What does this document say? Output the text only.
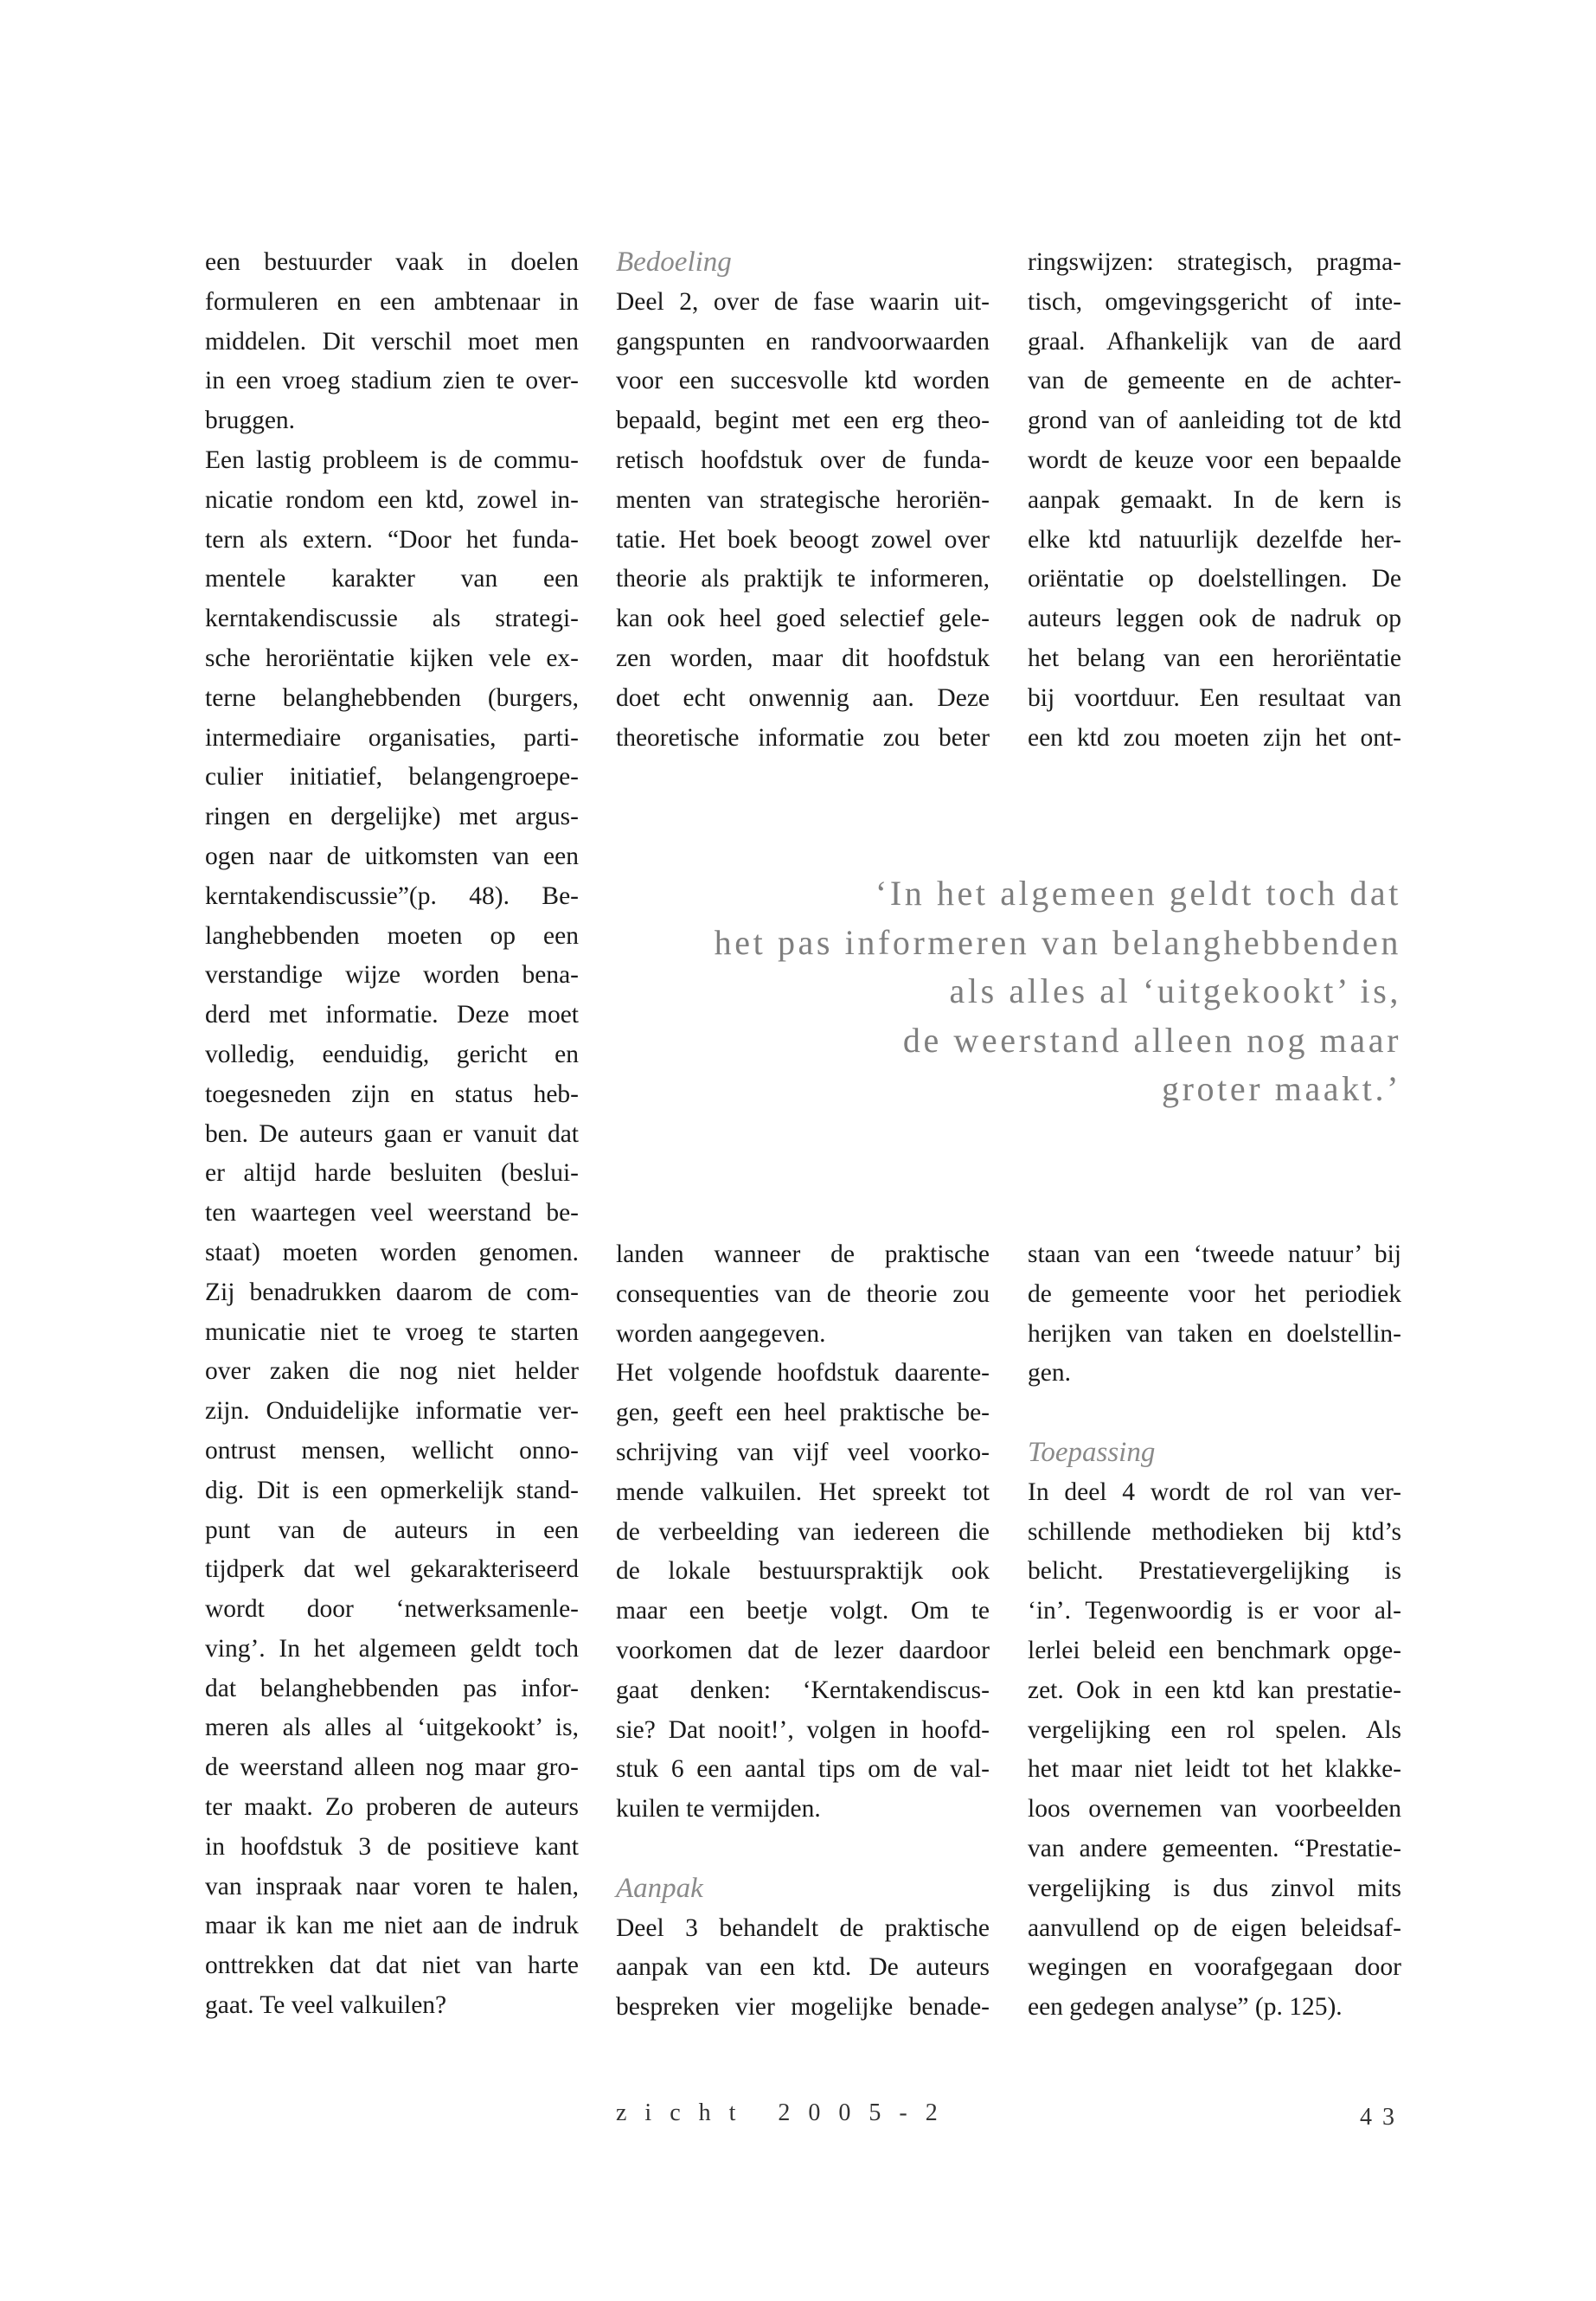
een bestuurder vaak in doelen
formuleren en een ambtenaar in
middelen. Dit verschil moet men
in een vroeg stadium zien te over-
bruggen.
Een lastig probleem is de commu-
nicatie rondom een ktd, zowel in-
tern als extern. “Door het funda-
mentele karakter van een
kerntakendiscussie als strategi-
sche heroriëntatie kijken vele ex-
terne belanghebbenden (burgers,
intermediaire organisaties, parti-
culier initiatief, belangengroepe-
ringen en dergelijke) met argus-
ogen naar de uitkomsten van een
kerntakendiscussie”(p. 48). Be-
langhebbenden moeten op een
verstandige wijze worden bena-
derd met informatie. Deze moet
volledig, eenduidig, gericht en
toegesneden zijn en status heb-
ben. De auteurs gaan er vanuit dat
er altijd harde besluiten (beslui-
ten waartegen veel weerstand be-
staat) moeten worden genomen.
Zij benadrukken daarom de com-
municatie niet te vroeg te starten
over zaken die nog niet helder
zijn. Onduidelijke informatie ver-
ontrust mensen, wellicht onno-
dig. Dit is een opmerkelijk stand-
punt van de auteurs in een
tijdperk dat wel gekarakteriseerd
wordt door ‘netwerksamenle-
ving’. In het algemeen geldt toch
dat belanghebbenden pas infor-
meren als alles al ‘uitgekookt’ is,
de weerstand alleen nog maar gro-
ter maakt. Zo proberen de auteurs
in hoofdstuk 3 de positieve kant
van inspraak naar voren te halen,
maar ik kan me niet aan de indruk
onttrekken dat dat niet van harte
gaat. Te veel valkuilen?
Bedoeling
Deel 2, over de fase waarin uit-
gangspunten en randvoorwaarden
voor een succesvolle ktd worden
bepaald, begint met een erg theo-
retisch hoofdstuk over de funda-
menten van strategische heroriën-
tatie. Het boek beoogt zowel over
theorie als praktijk te informeren,
kan ook heel goed selectief gele-
zen worden, maar dit hoofdstuk
doet echt onwennig aan. Deze
theoretische informatie zou beter
ringswijzen: strategisch, pragma-
tisch, omgevingsgericht of inte-
graal. Afhankelijk van de aard
van de gemeente en de achter-
grond van of aanleiding tot de ktd
wordt de keuze voor een bepaalde
aanpak gemaakt. In de kern is
elke ktd natuurlijk dezelfde her-
oriëntatie op doelstellingen. De
auteurs leggen ook de nadruk op
het belang van een heroriëntatie
bij voortduur. Een resultaat van
een ktd zou moeten zijn het ont-
‘In het algemeen geldt toch dat
het pas informeren van belanghebbenden
als alles al ‘uitgekookt’ is,
de weerstand alleen nog maar
groter maakt.’
landen wanneer de praktische
consequenties van de theorie zou
worden aangegeven.
Het volgende hoofdstuk daarente-
gen, geeft een heel praktische be-
schrijving van vijf veel voorko-
mende valkuilen. Het spreekt tot
de verbeelding van iedereen die
de lokale bestuurspraktijk ook
maar een beetje volgt. Om te
voorkomen dat de lezer daardoor
gaat denken: ‘Kerntakendiscus-
sie? Dat nooit!’, volgen in hoofd-
stuk 6 een aantal tips om de val-
kuilen te vermijden.
Aanpak
Deel 3 behandelt de praktische
aanpak van een ktd. De auteurs
bespreken vier mogelijke benade-
staan van een ‘tweede natuur’ bij
de gemeente voor het periodiek
herijken van taken en doelstellin-
gen.
Toepassing
In deel 4 wordt de rol van ver-
schillende methodieken bij ktd’s
belicht. Prestatievergelijking is
‘in’. Tegenwoordig is er voor al-
lerlei beleid een benchmark opge-
zet. Ook in een ktd kan prestatie-
vergelijking een rol spelen. Als
het maar niet leidt tot het klakke-
loos overnemen van voorbeelden
van andere gemeenten. “Prestatie-
vergelijking is dus zinvol mits
aanvullend op de eigen beleidsaf-
wegingen en voorafgegaan door
een gedegen analyse” (p. 125).
zicht 2005-2	43
